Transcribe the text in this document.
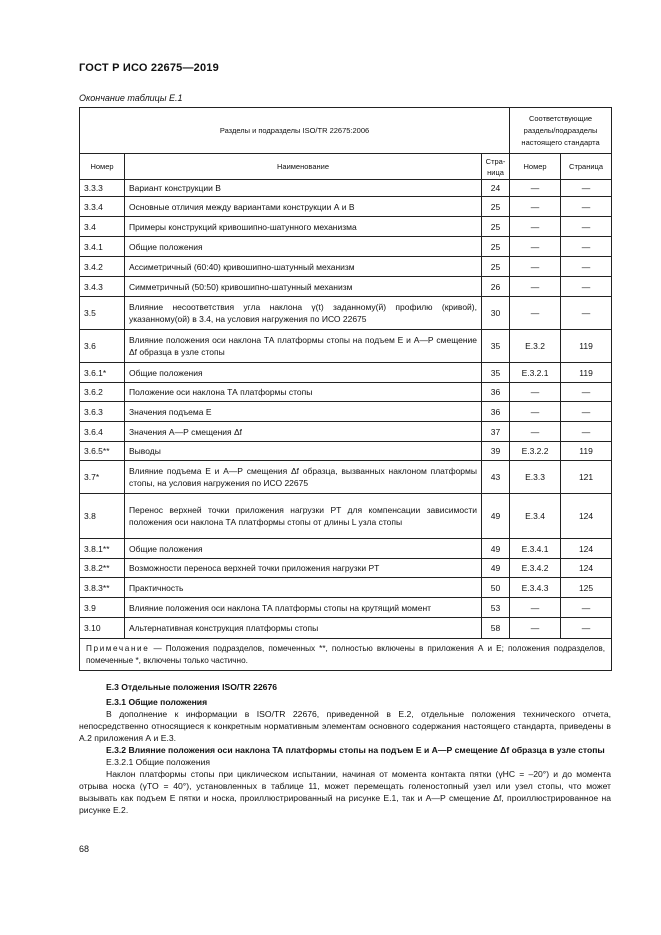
ГОСТ Р ИСО 22675—2019
Окончание таблицы Е.1
Разделы и подразделы ISO/TR 22675:2006			Соответствующие разделы/подразделы настоящего стандарта	
Номер	Наименование	Стра-ница	Номер	Страница
3.3.3	Вариант конструкции В	24	—	—
3.3.4	Основные отличия между вариантами конструкции А и В	25	—	—
3.4	Примеры конструкций кривошипно-шатунного механизма	25	—	—
3.4.1	Общие положения	25	—	—
3.4.2	Ассиметричный (60:40) кривошипно-шатунный механизм	25	—	—
3.4.3	Симметричный (50:50) кривошипно-шатунный механизм	26	—	—
3.5	Влияние несоответствия угла наклона γ(t) заданному(й) профилю (кривой), указанному(ой) в 3.4, на условия нагружения по ИСО 22675	30	—	—
3.6	Влияние положения оси наклона ТА платформы стопы на подъем Е и А—Р смещение Δf образца в узле стопы	35	Е.3.2	119
3.6.1*	Общие положения	35	Е.3.2.1	119
3.6.2	Положение оси наклона ТА платформы стопы	36	—	—
3.6.3	Значения подъема Е	36	—	—
3.6.4	Значения А—Р смещения Δf	37	—	—
3.6.5**	Выводы	39	Е.3.2.2	119
3.7*	Влияние подъема Е и А—Р смещения Δf образца, вызванных наклоном платформы стопы, на условия нагружения по ИСО 22675	43	Е.3.3	121
3.8	Перенос верхней точки приложения нагрузки PT для компенсации зависимости положения оси наклона ТА платформы стопы от длины L узла стопы	49	Е.3.4	124
3.8.1**	Общие положения	49	Е.3.4.1	124
3.8.2**	Возможности переноса верхней точки приложения нагрузки PT	49	Е.3.4.2	124
3.8.3**	Практичность	50	Е.3.4.3	125
3.9	Влияние положения оси наклона ТА платформы стопы на крутящий момент	53	—	—
3.10	Альтернативная конструкция платформы стопы	58	—	—
Примечание — Положения подразделов, помеченных **, полностью включены в приложения А и Е; положения подразделов, помеченные *, включены только частично.				
Е.3 Отдельные положения ISO/TR 22676
Е.3.1 Общие положения
В дополнение к информации в ISO/TR 22676, приведенной в Е.2, отдельные положения технического отчета, непосредственно относящиеся к конкретным нормативным элементам основного содержания настоящего стандарта, приведены в А.2 приложения А и Е.3.
Е.3.2 Влияние положения оси наклона ТА платформы стопы на подъем Е и А—Р смещение Δf образца в узле стопы
Е.3.2.1 Общие положения
Наклон платформы стопы при циклическом испытании, начиная от момента контакта пятки (γHC = –20°) и до момента отрыва носка (γTO = 40°), установленных в таблице 11, может перемещать голеностопный узел или узел стопы, что может вызывать как подъем Е пятки и носка, проиллюстрированный на рисунке Е.1, так и А—Р смещение Δf, проиллюстрированное на рисунке Е.2.
68
